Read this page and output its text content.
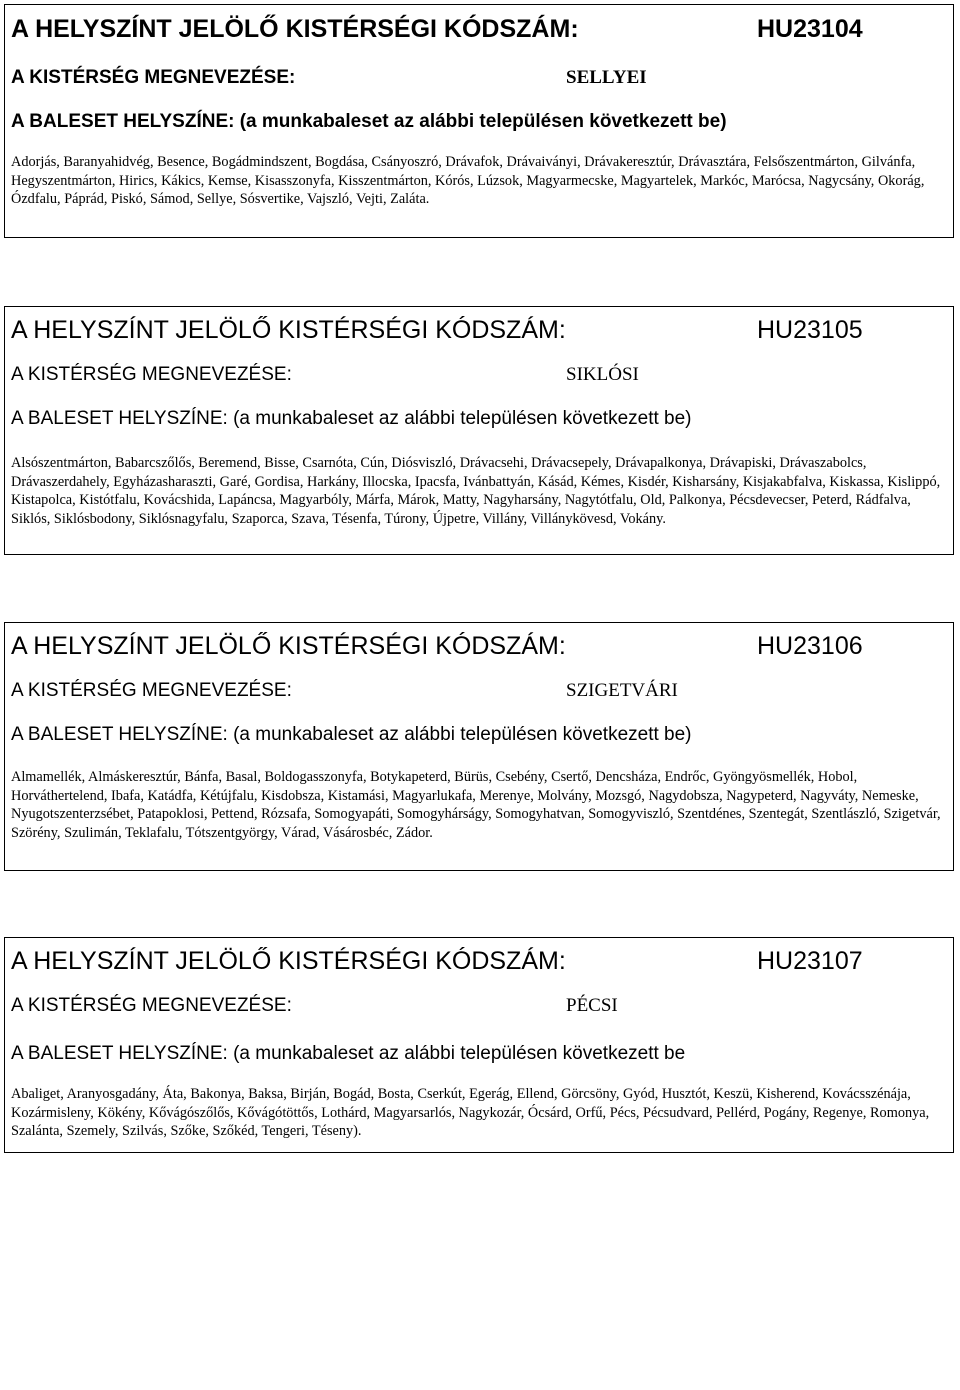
A HELYSZÍNT JELÖLŐ KISTÉRSÉGI KÓDSZÁM:	HU23104
A KISTÉRSÉG MEGNEVEZÉSE:	SELLYEI
A BALESET HELYSZÍNE: (a munkabaleset az alábbi településen következett be)
Adorjás, Baranyahidvég, Besence, Bogádmindszent, Bogdása, Csányoszró, Drávafok, Drávaiványi, Drávakeresztúr, Drávasztára, Felsőszentmárton, Gilvánfa, Hegyszentmárton, Hirics, Kákics, Kemse, Kisasszonyfa, Kisszentmárton, Kórós, Lúzsok, Magyarmecske, Magyartelek, Markóc, Marócsa, Nagycsány, Okorág, Ózdfalu, Páprád, Piskó, Sámod, Sellye, Sósvertike, Vajszló, Vejti, Zaláta.
A HELYSZÍNT JELÖLŐ KISTÉRSÉGI KÓDSZÁM:	HU23105
A KISTÉRSÉG MEGNEVEZÉSE:	SIKLÓSI
A BALESET HELYSZÍNE: (a munkabaleset az alábbi településen következett be)
Alsószentmárton, Babarcszőlős, Beremend, Bisse, Csarnóta, Cún, Diósviszló, Drávacsehi, Drávacsepely, Drávapalkonya, Drávapiski, Drávaszabolcs, Drávaszerdahely, Egyházasharaszti, Garé, Gordisa, Harkány, Illocska, Ipacsfa, Ivánbattyán, Kásád, Kémes, Kisdér, Kisharsány, Kisjakabfalva, Kiskassa, Kislippó, Kistapolca, Kistótfalu, Kovácshida, Lapáncsa, Magyarbóly, Márfa, Márok, Matty, Nagyharsány, Nagytótfalu, Old, Palkonya, Pécsdevecser, Peterd, Rádfalva, Siklós, Siklósbodony, Siklósnagyfalu, Szaporca, Szava, Tésenfa, Túrony, Újpetre, Villány, Villánykövesd, Vokány.
A HELYSZÍNT JELÖLŐ KISTÉRSÉGI KÓDSZÁM:	HU23106
A KISTÉRSÉG MEGNEVEZÉSE:	SZIGETVÁRI
A BALESET HELYSZÍNE: (a munkabaleset az alábbi településen következett be)
Almamellék, Almáskeresztúr, Bánfa, Basal, Boldogasszonyfa, Botykapeterd, Bürüs, Csebény, Csertő, Dencsháza, Endrőc, Gyöngyösmellék, Hobol, Horváthertelend, Ibafa, Katádfa, Kétújfalu, Kisdobsza, Kistamási, Magyarlukafa, Merenye, Molvány, Mozsgó, Nagydobsza, Nagypeterd, Nagyváty, Nemeske, Nyugotszenterzsébet, Patapoklosi, Pettend, Rózsafa, Somogyapáti, Somogyhárságy, Somogyhatvan, Somogyviszló, Szentdénes, Szentegát, Szentlászló, Szigetvár, Szörény, Szulimán, Teklafalu, Tótszentgyörgy, Várad, Vásárosbéc, Zádor.
A HELYSZÍNT JELÖLŐ KISTÉRSÉGI KÓDSZÁM:	HU23107
A KISTÉRSÉG MEGNEVEZÉSE:	PÉCSI
A BALESET HELYSZÍNE: (a munkabaleset az alábbi településen következett be
Abaliget, Aranyosgadány, Áta, Bakonya, Baksa, Birján, Bogád, Bosta, Cserkút, Egerág, Ellend, Görcsöny, Gyód, Husztót, Keszü, Kisherend, Kovácsszénája, Kozármisleny, Kökény, Kővágószőlős, Kővágótöttős, Lothárd, Magyarsarlós, Nagykozár, Ócsárd, Orfű, Pécs, Pécsudvard, Pellérd, Pogány, Regenye, Romonya, Szalánta, Szemely, Szilvás, Szőke, Szőkéd, Tengeri, Téseny).
